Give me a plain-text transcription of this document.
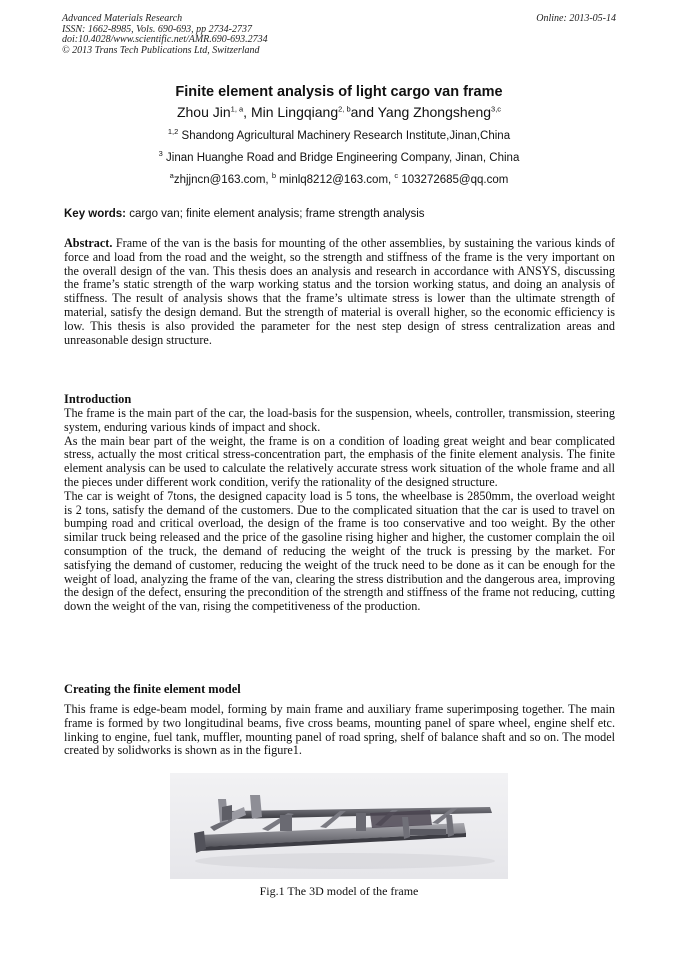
Advanced Materials Research
ISSN: 1662-8985, Vols. 690-693, pp 2734-2737
doi:10.4028/www.scientific.net/AMR.690-693.2734
© 2013 Trans Tech Publications Ltd, Switzerland
Online: 2013-05-14
Finite element analysis of light cargo van frame
Zhou Jin$^{1, a}$, Min Lingqiang$^{2, b}$and Yang Zhongsheng$^{3,c}$
$^{1,2}$ Shandong Agricultural Machinery Research Institute,Jinan,China
$^3$ Jinan Huanghe Road and Bridge Engineering Company, Jinan, China
$^a$zhjjncn@163.com, $^b$ minlq8212@163.com, $^c$ 103272685@qq.com
Key words: cargo van; finite element analysis; frame strength analysis

Abstract. Frame of the van is the basis for mounting of the other assemblies, by sustaining the various kinds of force and load from the road and the weight, so the strength and stiffness of the frame is the very important on the overall design of the van. This thesis does an analysis and research in accordance with ANSYS, discussing the frame’s static strength of the warp working status and the torsion working status, and doing an analysis of stiffness. The result of analysis shows that the frame’s ultimate stress is lower than the ultimate strength of material, satisfy the design demand. But the strength of material is overall higher, so the economic efficiency is low. This thesis is also provided the parameter for the nest step design of stress centralization areas and unreasonable design structure.

Introduction

The frame is the main part of the car, the load-basis for the suspension, wheels, controller, transmission, steering system, enduring various kinds of impact and shock.

As the main bear part of the weight, the frame is on a condition of loading great weight and bear complicated stress, actually the most critical stress-concentration part, the emphasis of the finite element analysis. The finite element analysis can be used to calculate the relatively accurate stress work situation of the whole frame and all the pieces under different work condition, verify the rationality of the designed structure.

The car is weight of 7tons, the designed capacity load is 5 tons, the wheelbase is 2850mm, the overload weight is 2 tons, satisfy the demand of the customers. Due to the complicated situation that the car is used to travel on bumping road and critical overload, the design of the frame is too conservative and too weight. By the other similar truck being released and the price of the gasoline rising higher and higher, the customer complain the oil consumption of the truck, the demand of reducing the weight of the truck is pressing by the market. For satisfying the demand of customer, reducing the weight of the truck need to be done as it can be enough for the weight of load, analyzing the frame of the van, clearing the stress distribution and the dangerous area, improving the design of the defect, ensuring the precondition of the strength and stiffness of the frame not reducing, cutting down the weight of the van, rising the competitiveness of the production.

Creating the finite element model

This frame is edge-beam model, forming by main frame and auxiliary frame superimposing together. The main frame is formed by two longitudinal beams, five cross beams, mounting panel of spare wheel, engine shelf etc. linking to engine, fuel tank, muffler, mounting panel of road spring, shelf of balance shaft and so on. The model created by solidworks is shown as in the figure1.

Fig.1 The 3D model of the frame
